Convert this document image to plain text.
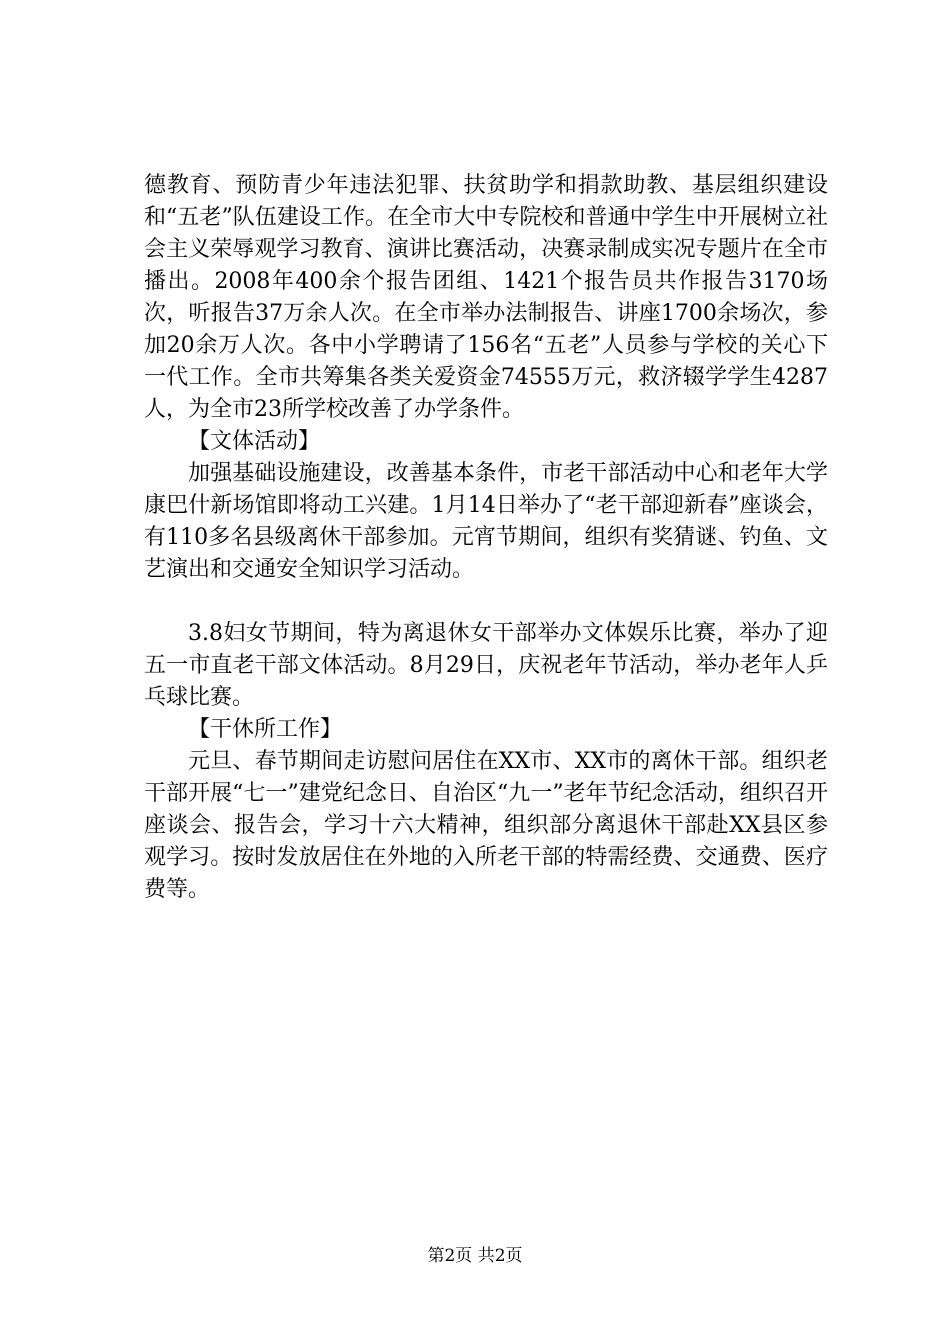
德教育、预防青少年违法犯罪、扶贫助学和捐款助教、基层组织建设和“五老”队伍建设工作。在全市大中专院校和普通中学生中开展树立社会主义荣辱观学习教育、演讲比赛活动，决赛录制成实况专题片在全市播出。2008年400余个报告团组、1421个报告员共作报告3170场次，听报告37万余人次。在全市举办法制报告、讲座1700余场次，参加20余万人次。各中小学聘请了156名“五老”人员参与学校的关心下一代工作。全市共筹集各类关爱资金74555万元，救济辍学学生4287人，为全市23所学校改善了办学条件。

【文体活动】

加强基础设施建设，改善基本条件，市老干部活动中心和老年大学康巴什新场馆即将动工兴建。1月14日举办了“老干部迎新春”座谈会，有110多名县级离休干部参加。元宵节期间，组织有奖猜谜、钓鱼、文艺演出和交通安全知识学习活动。

3.8妇女节期间，特为离退休女干部举办文体娱乐比赛，举办了迎五一市直老干部文体活动。8月29日，庆祝老年节活动，举办老年人乒乓球比赛。

【干休所工作】

元旦、春节期间走访慰问居住在XX市、XX市的离休干部。组织老干部开展“七一”建党纪念日、自治区“九一”老年节纪念活动，组织召开座谈会、报告会，学习十六大精神，组织部分离退休干部赴XX县区参观学习。按时发放居住在外地的入所老干部的特需经费、交通费、医疗费等。

第2页 共2页
